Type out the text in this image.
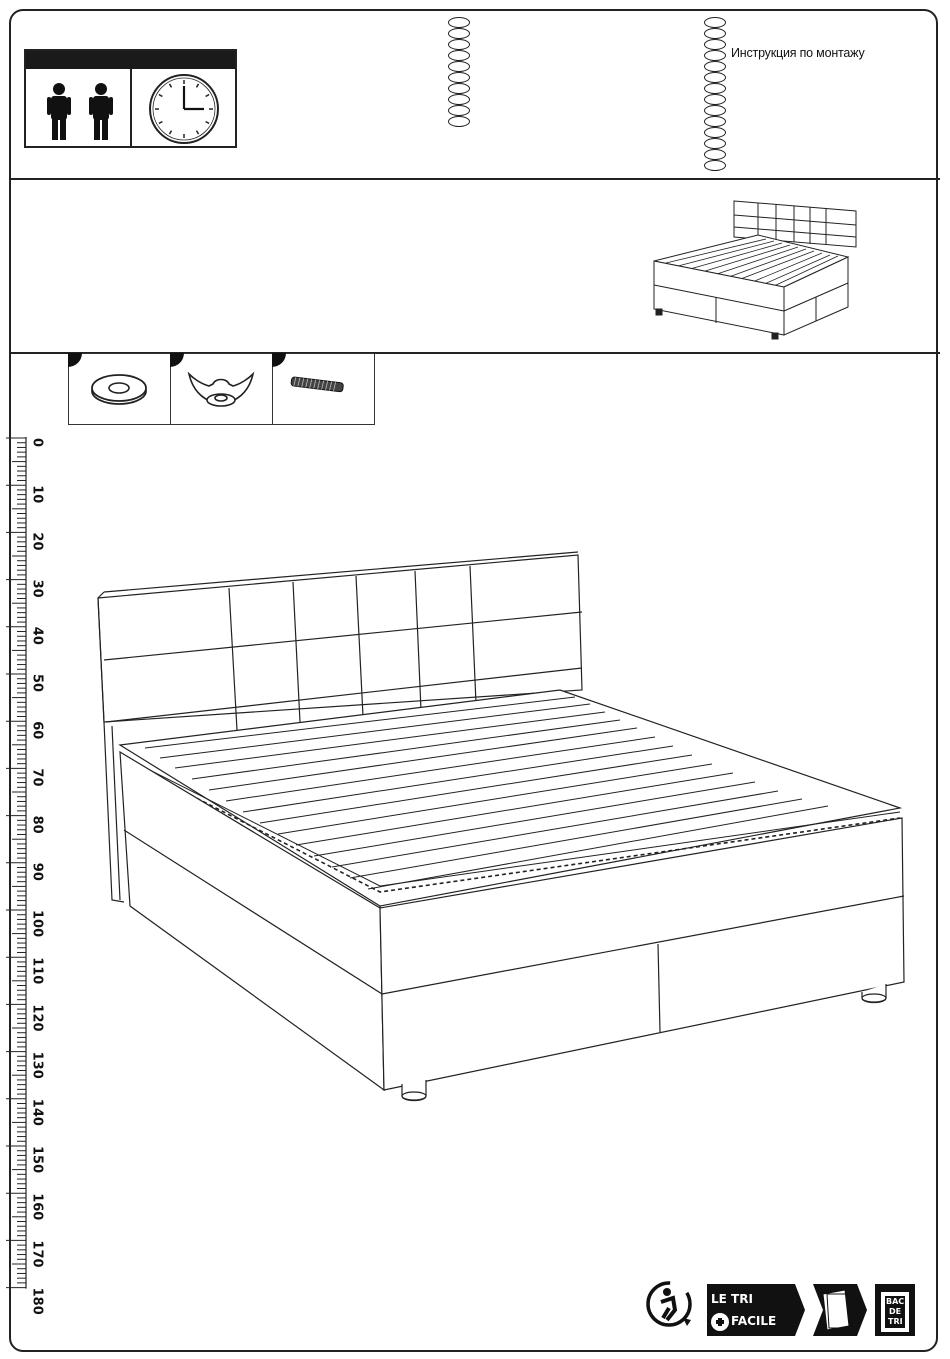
Инструкция по монтажу
0
10
20
30
40
50
60
70
80
90
100
110
120
130
140
150
160
170
180	LE TRI
FACILE
BAC
DE
TRI
